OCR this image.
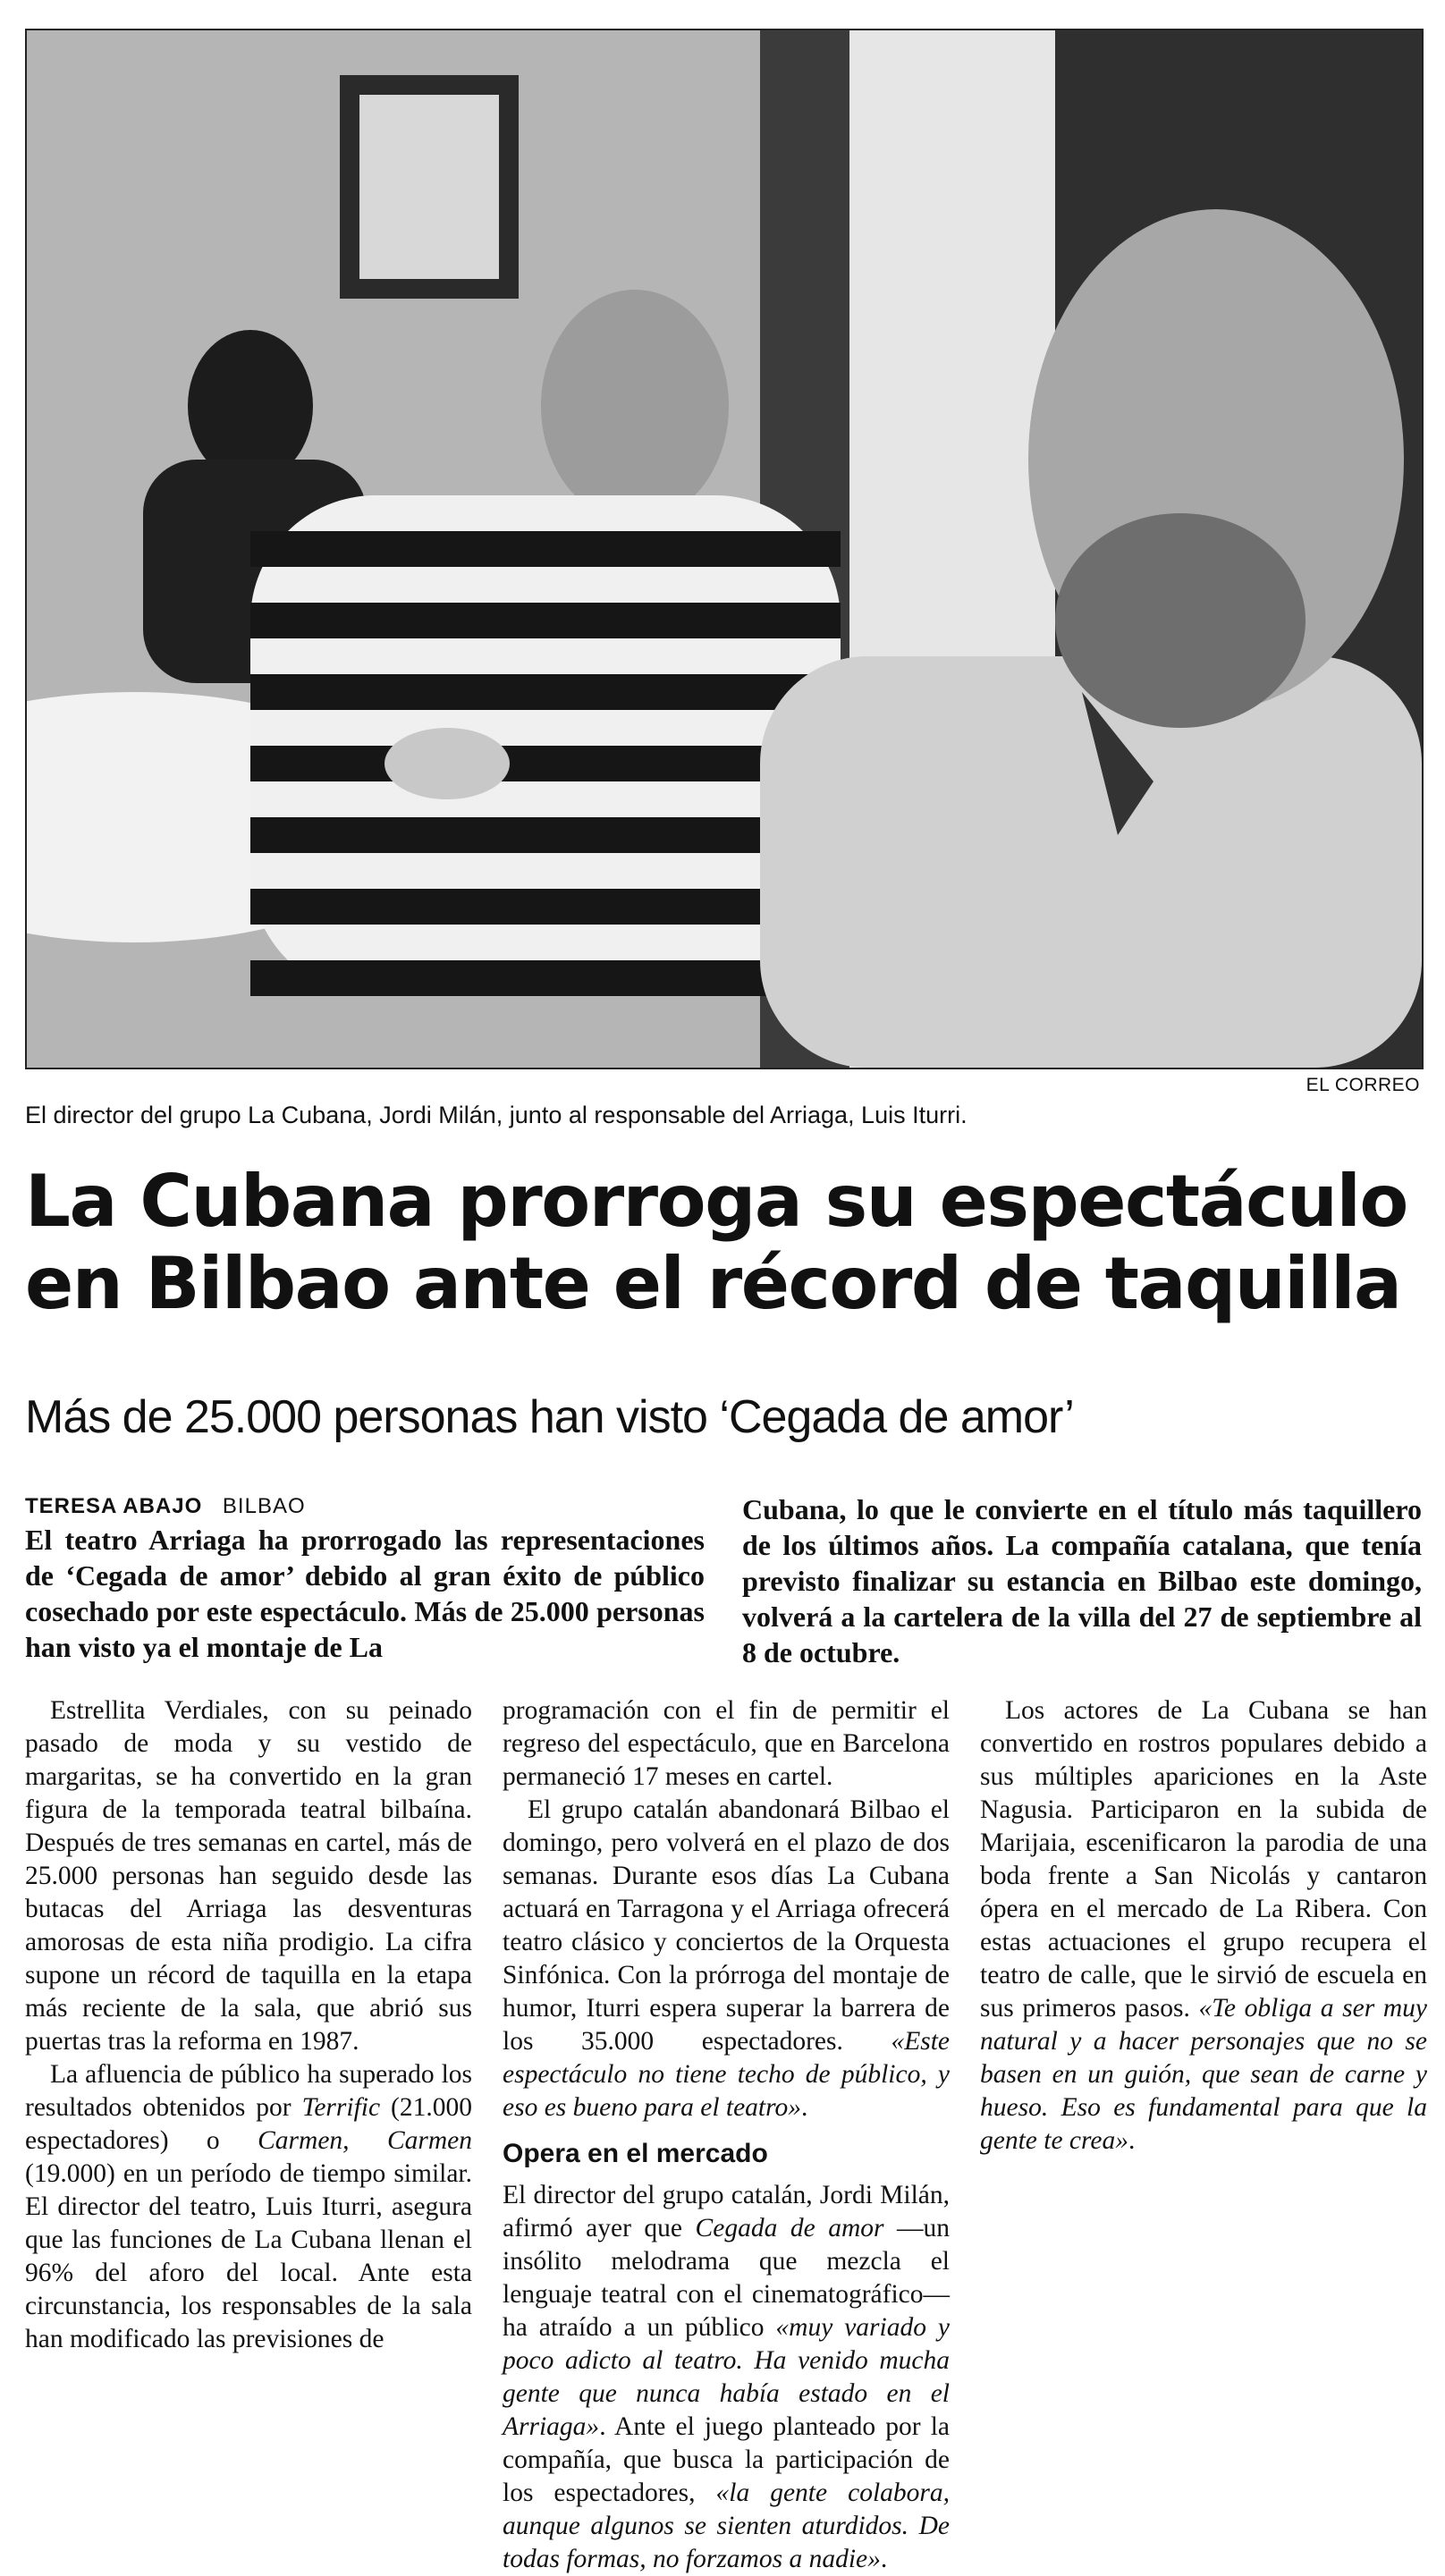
EL CORREO
El director del grupo La Cubana, Jordi Milán, junto al responsable del Arriaga, Luis Iturri.
La Cubana prorroga su espectáculo
en Bilbao ante el récord de taquilla
Más de 25.000 personas han visto ‘Cegada de amor’
TERESA ABAJO BILBAO
El teatro Arriaga ha prorrogado las representaciones de ‘Cegada de amor’ debido al gran éxito de público cosechado por este espectáculo. Más de 25.000 personas han visto ya el montaje de La
Cubana, lo que le convierte en el título más taquillero de los últimos años. La compañía catalana, que tenía previsto finalizar su estancia en Bilbao este domingo, volverá a la cartelera de la villa del 27 de septiembre al 8 de octubre.

Estrellita Verdiales, con su peinado pasado de moda y su vestido de margaritas, se ha convertido en la gran figura de la temporada teatral bilbaína. Después de tres semanas en cartel, más de 25.000 personas han seguido desde las butacas del Arriaga las desventuras amorosas de esta niña prodigio. La cifra supone un récord de taquilla en la etapa más reciente de la sala, que abrió sus puertas tras la reforma en 1987.

La afluencia de público ha superado los resultados obtenidos por Terrific (21.000 espectadores) o Carmen, Carmen (19.000) en un período de tiempo similar. El director del teatro, Luis Iturri, asegura que las funciones de La Cubana llenan el 96% del aforo del local. Ante esta circunstancia, los responsables de la sala han modificado las previsiones de

programación con el fin de permitir el regreso del espectáculo, que en Barcelona permaneció 17 meses en cartel.

El grupo catalán abandonará Bilbao el domingo, pero volverá en el plazo de dos semanas. Durante esos días La Cubana actuará en Tarragona y el Arriaga ofrecerá teatro clásico y conciertos de la Orquesta Sinfónica. Con la prórroga del montaje de humor, Iturri espera superar la barrera de los 35.000 espectadores. «Este espectáculo no tiene techo de público, y eso es bueno para el teatro».

Opera en el mercado

El director del grupo catalán, Jordi Milán, afirmó ayer que Cegada de amor —un insólito melodrama que mezcla el lenguaje teatral con el cinematográfico— ha atraído a un público «muy variado y poco adicto al teatro. Ha venido mucha gente que nunca había estado en el Arriaga». Ante el juego planteado por la compañía, que busca la participación de los espectadores, «la gente colabora, aunque algunos se sienten aturdidos. De todas formas, no forzamos a nadie».

Los actores de La Cubana se han convertido en rostros populares debido a sus múltiples apariciones en la Aste Nagusia. Participaron en la subida de Marijaia, escenificaron la parodia de una boda frente a San Nicolás y cantaron ópera en el mercado de La Ribera. Con estas actuaciones el grupo recupera el teatro de calle, que le sirvió de escuela en sus primeros pasos. «Te obliga a ser muy natural y a hacer personajes que no se basen en un guión, que sean de carne y hueso. Eso es fundamental para que la gente te crea».
